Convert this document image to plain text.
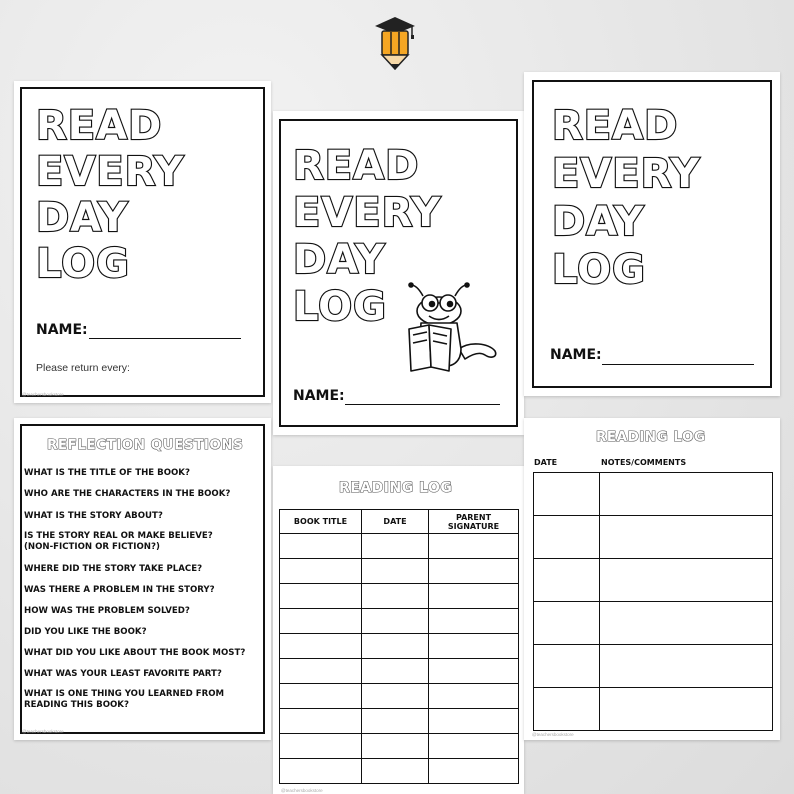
READ
EVERY
DAY
LOG
NAME:
Please return every:
@teachersbookstore
READ
EVERY
DAY
LOG
NAME:
READ
EVERY
DAY
LOG
NAME:
REFLECTION QUESTIONS
WHAT IS THE TITLE OF THE BOOK?
WHO ARE THE CHARACTERS IN THE BOOK?
WHAT IS THE STORY ABOUT?
IS THE STORY REAL OR MAKE BELIEVE? (NON-FICTION OR FICTION?)
WHERE DID THE STORY TAKE PLACE?
WAS THERE A PROBLEM IN THE STORY?
HOW WAS THE PROBLEM SOLVED?
DID YOU LIKE THE BOOK?
WHAT DID YOU LIKE ABOUT THE BOOK MOST?
WHAT WAS YOUR LEAST FAVORITE PART?
WHAT IS ONE THING YOU LEARNED FROM READING THIS BOOK?
@teachersbookstore
READING LOG
BOOK TITLE	DATE	PARENT SIGNATURE

@teachersbookstore
READING LOG
DATE	NOTES/COMMENTS

@teachersbookstore
